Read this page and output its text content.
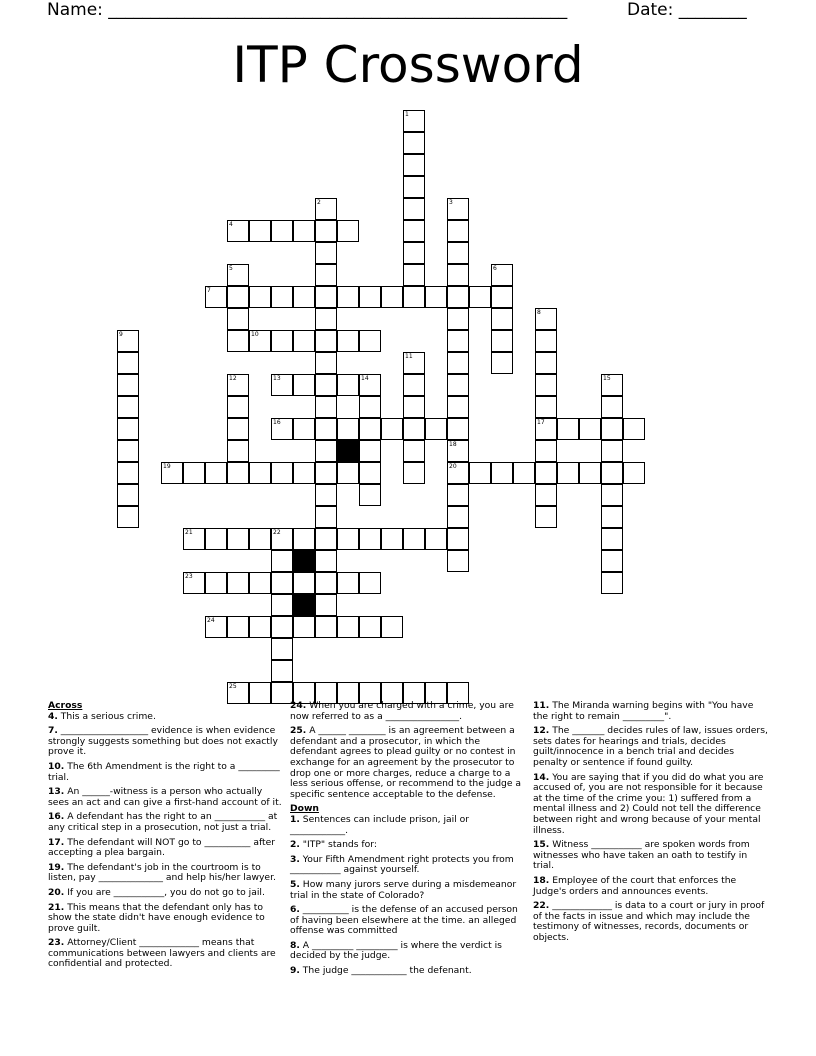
Name: ______________________________________________________	Date: ________
ITP Crossword
1
2	3
18
20
4
5	6
7
8
17
9	10
11
12	13	14	15
16
19
21	22
23
24
25

Across

4. This a serious crime.

7. ___________________ evidence is when evidence strongly suggests something but does not exactly prove it.

10. The 6th Amendment is the right to a _________ trial.

13. An ______-witness is a person who actually sees an act and can give a first-hand account of it.

16. A defendant has the right to an ___________ at any critical step in a prosecution, not just a trial.

17. The defendant will NOT go to __________ after accepting a plea bargain.

19. The defendant's job in the courtroom is to listen, pay ______________ and help his/her lawyer.

20. If you are ___________, you do not go to jail.

21. This means that the defendant only has to show the state didn't have enough evidence to prove guilt.

23. Attorney/Client _____________ means that communications between lawyers and clients are confidential and protected.

24. When you are charged with a crime, you are now referred to as a ________________.

25. A ______ ________ is an agreement between a defendant and a prosecutor, in which the defendant agrees to plead guilty or no contest in exchange for an agreement by the prosecutor to drop one or more charges, reduce a charge to a less serious offense, or recommend to the judge a specific sentence acceptable to the defense.

Down

1. Sentences can include prison, jail or ____________.

2. "ITP" stands for:

3. Your Fifth Amendment right protects you from ___________ against yourself.

5. How many jurors serve during a misdemeanor trial in the state of Colorado?

6. __________ is the defense of an accused person of having been elsewhere at the time. an alleged offense was committed

8. A _________ _________ is where the verdict is decided by the judge.

9. The judge ____________ the defenant.

11. The Miranda warning begins with "You have the right to remain _________".

12. The _______ decides rules of law, issues orders, sets dates for hearings and trials, decides guilt/innocence in a bench trial and decides penalty or sentence if found guilty.

14. You are saying that if you did do what you are accused of, you are not responsible for it because at the time of the crime you: 1) suffered from a mental illness and 2) Could not tell the difference between right and wrong because of your mental illness.

15. Witness ___________ are spoken words from witnesses who have taken an oath to testify in trial.

18. Employee of the court that enforces the Judge's orders and announces events.

22. _____________ is data to a court or jury in proof of the facts in issue and which may include the testimony of witnesses, records, documents or objects.
